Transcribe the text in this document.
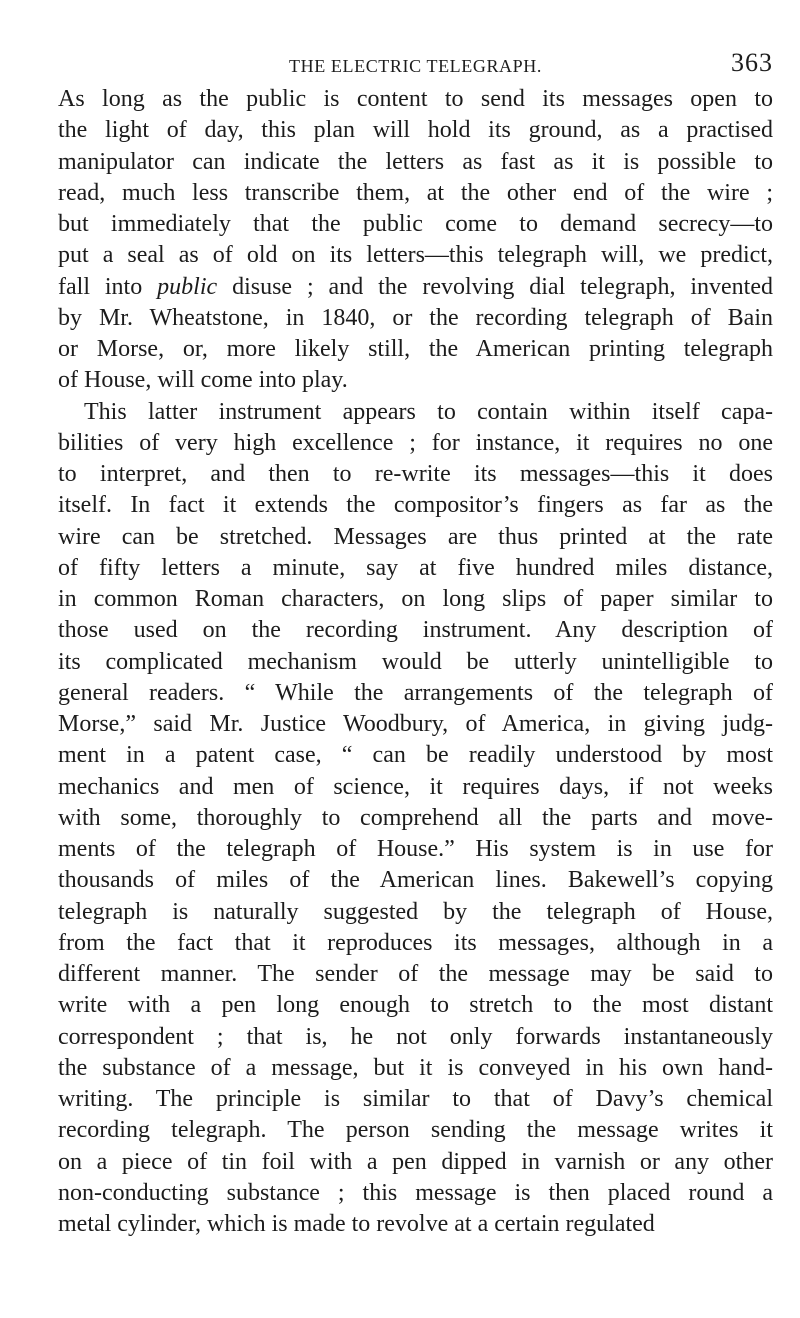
THE ELECTRIC TELEGRAPH.	363
As long as the public is content to send its messages open to
the light of day, this plan will hold its ground, as a practised
manipulator can indicate the letters as fast as it is possible to
read, much less transcribe them, at the other end of the wire ;
but immediately that the public come to demand secrecy—to
put a seal as of old on its letters—this telegraph will, we predict,
fall into public disuse ; and the revolving dial telegraph, invented
by Mr. Wheatstone, in 1840, or the recording telegraph of Bain
or Morse, or, more likely still, the American printing telegraph
of House, will come into play.
This latter instrument appears to contain within itself capa-
bilities of very high excellence ; for instance, it requires no one
to interpret, and then to re-write its messages—this it does
itself. In fact it extends the compositor’s fingers as far as the
wire can be stretched. Messages are thus printed at the rate
of fifty letters a minute, say at five hundred miles distance,
in common Roman characters, on long slips of paper similar to
those used on the recording instrument. Any description of
its complicated mechanism would be utterly unintelligible to
general readers. “ While the arrangements of the telegraph of
Morse,” said Mr. Justice Woodbury, of America, in giving judg-
ment in a patent case, “ can be readily understood by most
mechanics and men of science, it requires days, if not weeks
with some, thoroughly to comprehend all the parts and move-
ments of the telegraph of House.” His system is in use for
thousands of miles of the American lines. Bakewell’s copying
telegraph is naturally suggested by the telegraph of House,
from the fact that it reproduces its messages, although in a
different manner. The sender of the message may be said to
write with a pen long enough to stretch to the most distant
correspondent ; that is, he not only forwards instantaneously
the substance of a message, but it is conveyed in his own hand-
writing. The principle is similar to that of Davy’s chemical
recording telegraph. The person sending the message writes it
on a piece of tin foil with a pen dipped in varnish or any other
non-conducting substance ; this message is then placed round a
metal cylinder, which is made to revolve at a certain regulated
